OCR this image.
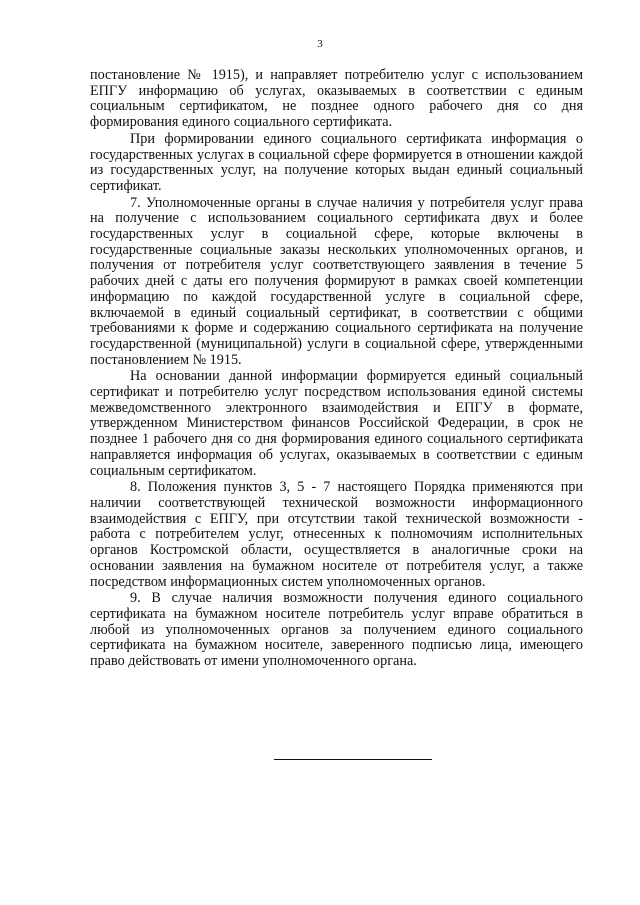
3

постановление № 1915), и направляет потребителю услуг с использованием ЕПГУ информацию об услугах, оказываемых в соответствии с единым социальным сертификатом, не позднее одного рабочего дня со дня формирования единого социального сертификата.

При формировании единого социального сертификата информация о государственных услугах в социальной сфере формируется в отношении каждой из государственных услуг, на получение которых выдан единый социальный сертификат.

7. Уполномоченные органы в случае наличия у потребителя услуг права на получение с использованием социального сертификата двух и более государственных услуг в социальной сфере, которые включены в государственные социальные заказы нескольких уполномоченных органов, и получения от потребителя услуг соответствующего заявления в течение 5 рабочих дней с даты его получения формируют в рамках своей компетенции информацию по каждой государственной услуге в социальной сфере, включаемой в единый социальный сертификат, в соответствии с общими требованиями к форме и содержанию социального сертификата на получение государственной (муниципальной) услуги в социальной сфере, утвержденными постановлением № 1915.

На основании данной информации формируется единый социальный сертификат и потребителю услуг посредством использования единой системы межведомственного электронного взаимодействия и ЕПГУ в формате, утвержденном Министерством финансов Российской Федерации, в срок не позднее 1 рабочего дня со дня формирования единого социального сертификата направляется информация об услугах, оказываемых в соответствии с единым социальным сертификатом.

8. Положения пунктов 3, 5 - 7 настоящего Порядка применяются при наличии соответствующей технической возможности информационного взаимодействия с ЕПГУ, при отсутствии такой технической возможности - работа с потребителем услуг, отнесенных к полномочиям исполнительных органов Костромской области, осуществляется в аналогичные сроки на основании заявления на бумажном носителе от потребителя услуг, а также посредством информационных систем уполномоченных органов.

9. В случае наличия возможности получения единого социального сертификата на бумажном носителе потребитель услуг вправе обратиться в любой из уполномоченных органов за получением единого социального сертификата на бумажном носителе, заверенного подписью лица, имеющего право действовать от имени уполномоченного органа.
